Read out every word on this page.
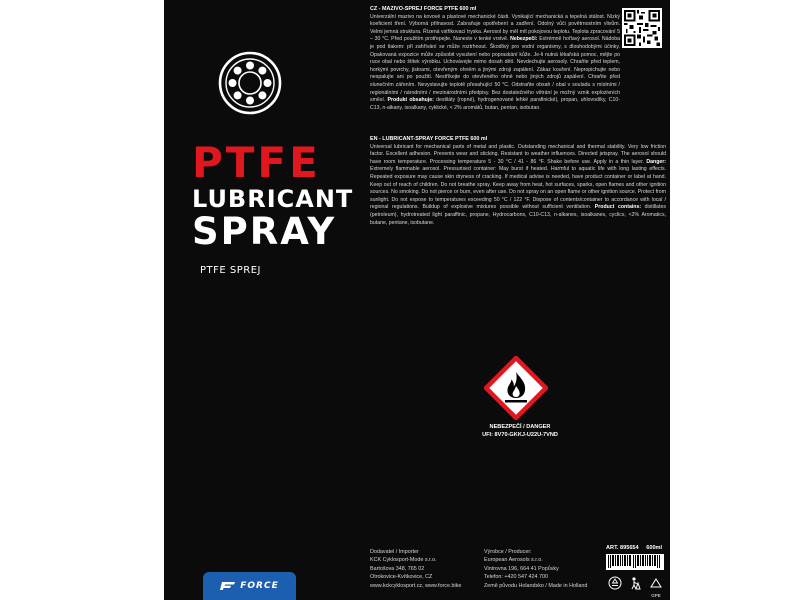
PTFE
LUBRICANT
SPRAY
PTFE SPREJ
CZ - MAZIVO-SPREJ FORCE PTFE 600 ml
Univerzální mazivo na kovové a plastové mechanické části. Vynikající mechanická a tepelná stálost. Nízký koeficient tření. Výborná přilnavost. Zabraňuje opotřebení a zadření. Odolný vůči povětrnostním vlivům. Velmi jemná struktura. Řízená vstřikovací tryska. Aerosol by měl mít pokojovou teplotu. Teplota zpracování 5 – 30 °C. Před použitím protřepejte. Naneste v tenké vrstvě. Nebezpečí: Extrémně hořlavý aerosol. Nádoba je pod tlakem: při zahřívání se může roztrhnout. Škodlivý pro vodní organismy, s dlouhodobými účinky. Opakovaná expozice může způsobit vysušení nebo popraskání kůže. Je-li nutná lékařská pomoc, mějte po ruce obal nebo štítek výrobku. Uchovávejte mimo dosah dětí. Nevdechujte aerosoly. Chraňte před teplem, horkými povrchy, jiskrami, otevřeným ohněm a jinými zdroji zapálení. Zákaz kouření. Nepropichujte nebo nespalujte ani po použití. Nestříkejte do otevřeného ohně nebo jiných zdrojů zapálení. Chraňte před slunečním zářením. Nevystavujte teplotě přesahující 50 °C. Odstraňte obsah / obal v souladu s místními / regionálními / národními / mezinárodními předpisy. Bez dostatečného větrání je možný vznik explozivních směsí. Produkt obsahuje: destiláty (ropné), hydrogenované lehké parafinické), propan, uhlovodíky, C10-C13, n-alkany, isoalkany, cyklické, < 2% aromátů, butan, pentan, isobutan.
EN - LUBRICANT-SPRAY FORCE PTFE 600 ml
Universal lubricant for mechanical parts of metal and plastic. Outstanding mechanical and thermal stability. Very low friction factor. Excellent adhesion. Prevents wear and sticking. Resistant to weather influences. Directed jetspray. The aerosol should have room temperature. Processing temperature 5 - 30 °C / 41 - 86 °F. Shake before use. Apply in a thin layer. Danger: Extremely flammable aerosol. Pressurised container: May burst if heated. Harmful to aquatic life with long lasting effects. Repeated exposure may cause skin dryness of cracking. If medical advise is needed, have product container or label at hand. Keep out of reach of children. Do not breathe spray. Keep away from heat, hot surfaces, sparks, open flames and other ignition sources. No smoking. Do not pierce or burn, even after use. Do not spray on an open flame or other ignition source. Protect from sunlight. Do not expose to temperatures exceeding 50 °C / 122 °F. Dispose of contents/container to accordance with local / regional regulations. Buildup of explosive mixtures possible without sufficient ventilation. Product contains: distillates (petroleum), hydrotreated light paraffinic, propane, Hydrocarbons, C10-C13, n-alkanes, isoalkanes, cyclics, <2% Aromatics, butane, pentane, isobutane.
NEBEZPEČÍ / DANGER
UFI: 8V70-GKKJ-U22U-7VND
Dodavatel / Importer
KCK Cyklosport-Mode s.r.o.
Bartošova 348, 765 02
Otrokovice-Kvítkovice, CZ
www.kckcyklosport.cz, www.force.bike
Výrobce / Producer:
European Aerosols s.r.o.
Vintrovna 196, 664 41 Popůvky
Telefon: +420 547 424 700
Země původu Holandsko / Made in Holland
ART. 895654 600ml
GPE
FORCE
